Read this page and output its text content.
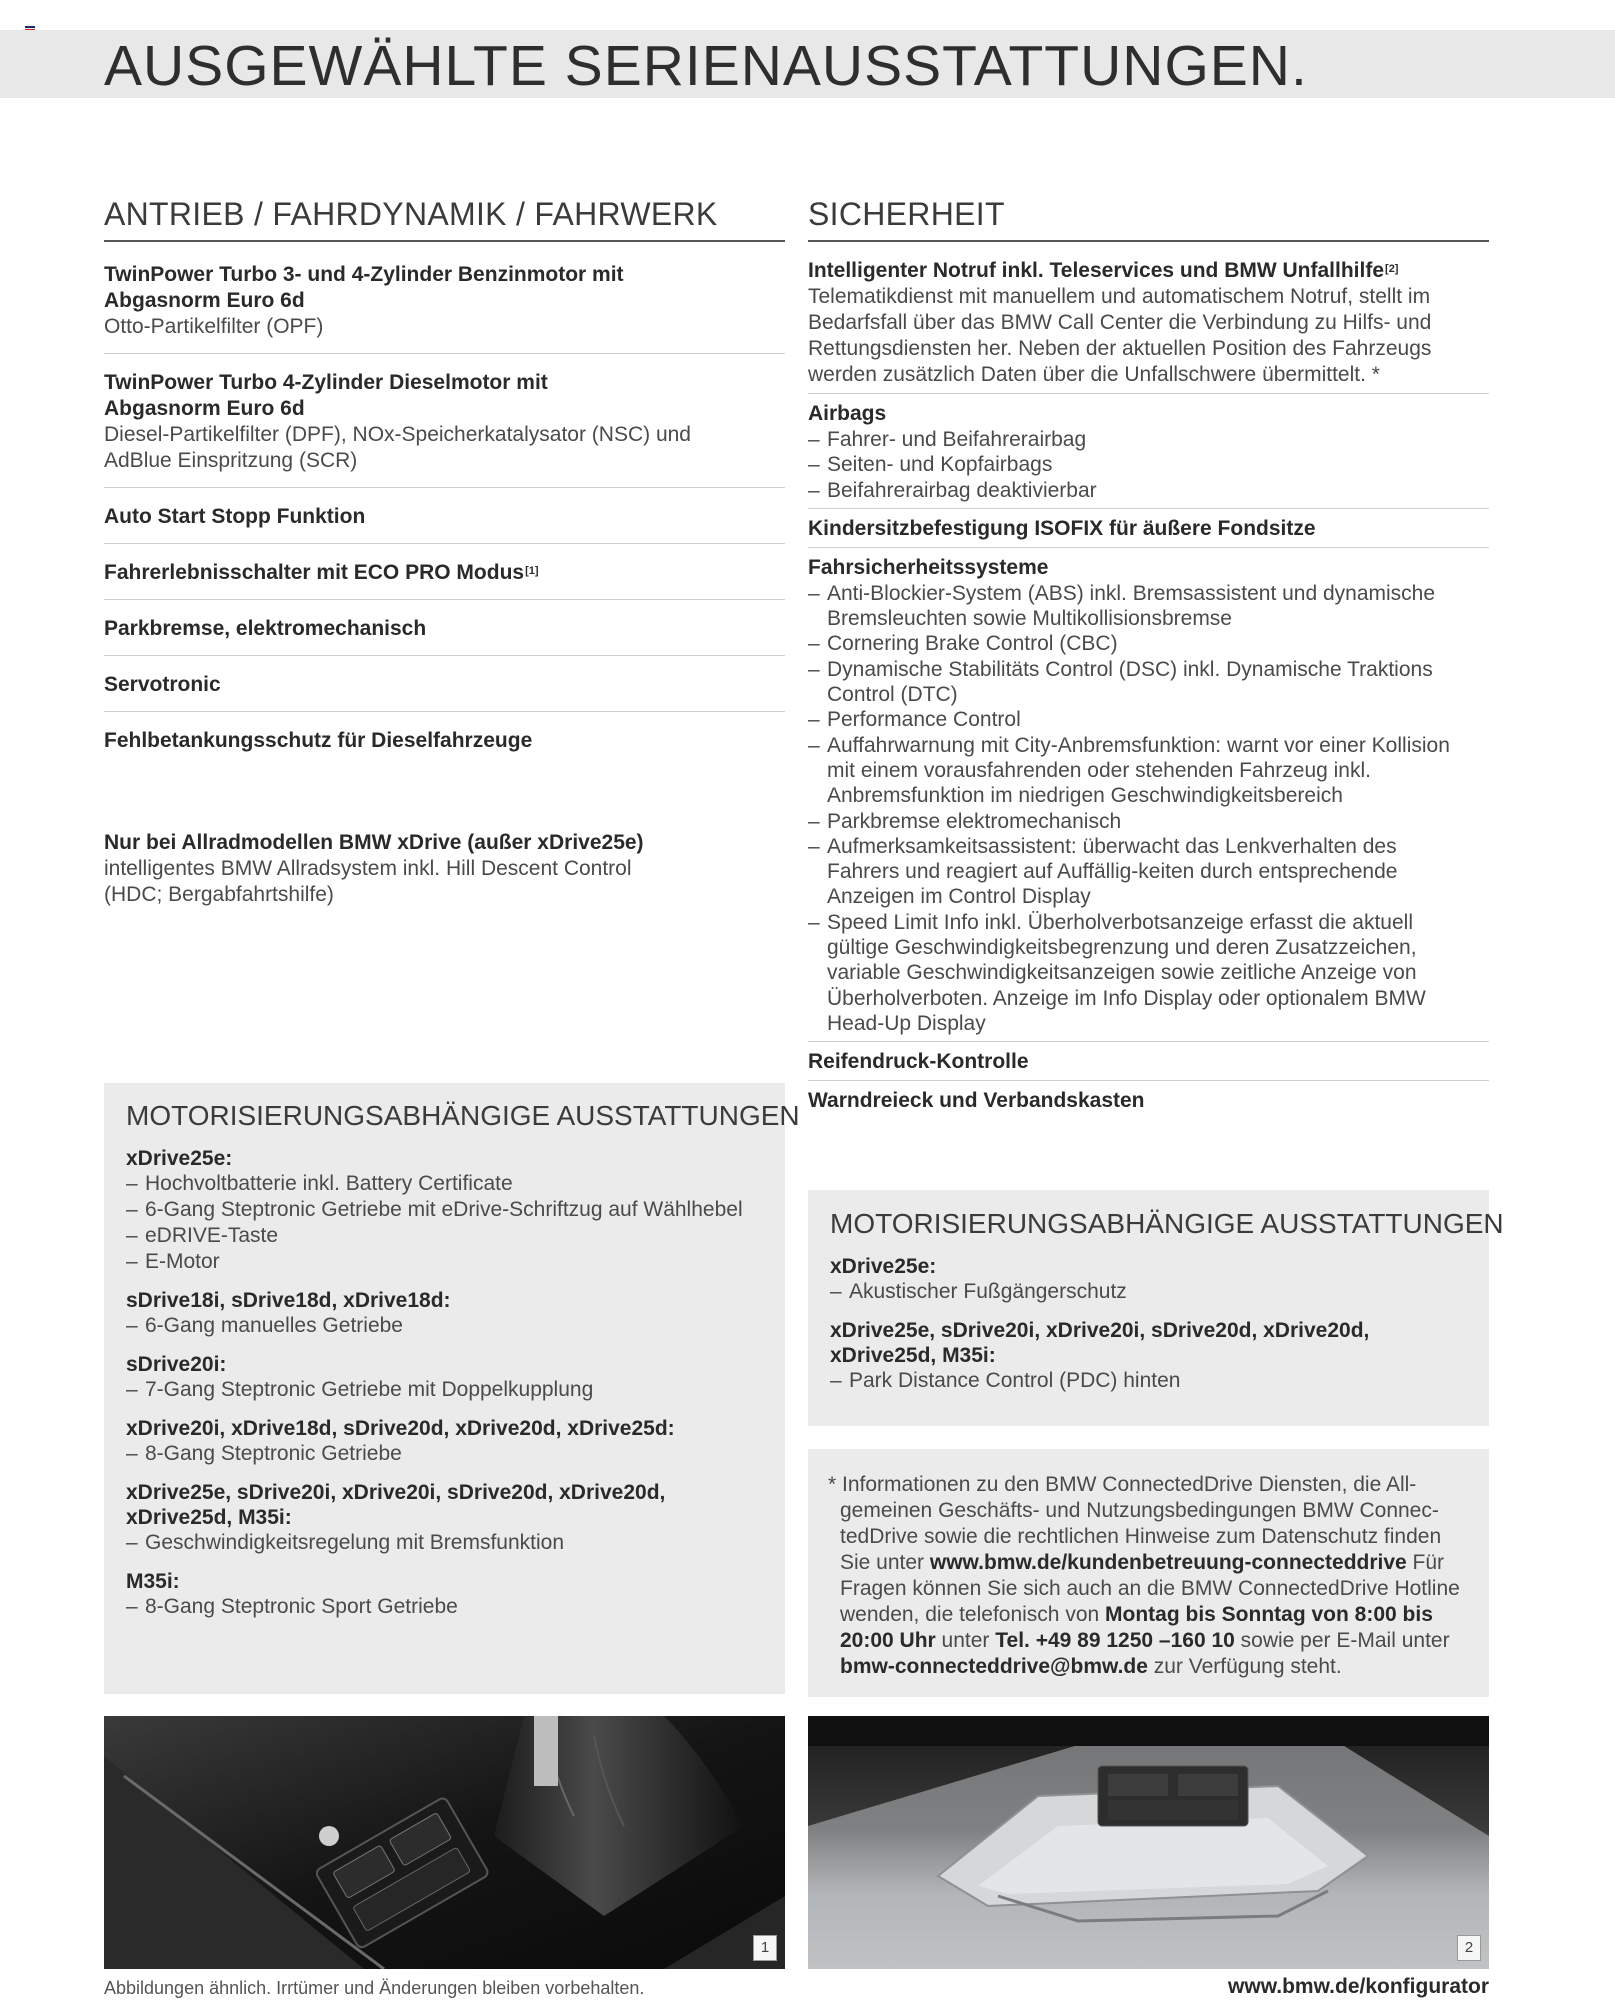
AUSGEWÄHLTE SERIENAUSSTATTUNGEN.
ANTRIEB / FAHRDYNAMIK / FAHRWERK
TwinPower Turbo 3- und 4-Zylinder Benzinmotor mit Abgasnorm Euro 6d
Otto-Partikelfilter (OPF)
TwinPower Turbo 4-Zylinder Dieselmotor mit Abgasnorm Euro 6d
Diesel-Partikelfilter (DPF), NOx-Speicherkatalysator (NSC) und AdBlue Einspritzung (SCR)
Auto Start Stopp Funktion
Fahrerlebnisschalter mit ECO PRO Modus[1]
Parkbremse, elektromechanisch
Servotronic
Fehlbetankungsschutz für Dieselfahrzeuge
Nur bei Allradmodellen BMW xDrive (außer xDrive25e)
intelligentes BMW Allradsystem inkl. Hill Descent Control (HDC; Bergabfahrtshilfe)
SICHERHEIT
Intelligenter Notruf inkl. Teleservices und BMW Unfallhilfe[2]
Telematikdienst mit manuellem und automatischem Notruf, stellt im Bedarfsfall über das BMW Call Center die Verbindung zu Hilfs- und Rettungsdiensten her. Neben der aktuellen Position des Fahrzeugs werden zusätzlich Daten über die Unfallschwere übermittelt. *
Airbags
– Fahrer- und Beifahrerairbag
– Seiten- und Kopfairbags
– Beifahrerairbag deaktivierbar
Kindersitzbefestigung ISOFIX für äußere Fondsitze
Fahrsicherheitssysteme
– Anti-Blockier-System (ABS) inkl. Bremsassistent und dynamische Bremsleuchten sowie Multikollisionsbremse
– Cornering Brake Control (CBC)
– Dynamische Stabilitäts Control (DSC) inkl. Dynamische Traktions Control (DTC)
– Performance Control
– Auffahrwarnung mit City-Anbremsfunktion: warnt vor einer Kollision mit einem vorausfahrenden oder stehenden Fahrzeug inkl. Anbremsfunktion im niedrigen Geschwindigkeitsbereich
– Parkbremse elektromechanisch
– Aufmerksamkeitsassistent: überwacht das Lenkverhalten des Fahrers und reagiert auf Auffällig-keiten durch entsprechende Anzeigen im Control Display
– Speed Limit Info inkl. Überholverbotsanzeige erfasst die aktuell gültige Geschwindigkeitsbegrenzung und deren Zusatzzeichen, variable Geschwindigkeitsanzeigen sowie zeitliche Anzeige von Überholverboten. Anzeige im Info Display oder optionalem BMW Head-Up Display
Reifendruck-Kontrolle
Warndreieck und Verbandskasten
MOTORISIERUNGSABHÄNGIGE AUSSTATTUNGEN
xDrive25e:
– Hochvoltbatterie inkl. Battery Certificate
– 6-Gang Steptronic Getriebe mit eDrive-Schriftzug auf Wählhebel
– eDRIVE-Taste
– E-Motor
sDrive18i, sDrive18d, xDrive18d:
– 6-Gang manuelles Getriebe
sDrive20i:
– 7-Gang Steptronic Getriebe mit Doppelkupplung
xDrive20i, xDrive18d, sDrive20d, xDrive20d, xDrive25d:
– 8-Gang Steptronic Getriebe
xDrive25e, sDrive20i, xDrive20i, sDrive20d, xDrive20d, xDrive25d, M35i:
– Geschwindigkeitsregelung mit Bremsfunktion
M35i:
– 8-Gang Steptronic Sport Getriebe
MOTORISIERUNGSABHÄNGIGE AUSSTATTUNGEN
xDrive25e:
– Akustischer Fußgängerschutz
xDrive25e, sDrive20i, xDrive20i, sDrive20d, xDrive20d, xDrive25d, M35i:
– Park Distance Control (PDC) hinten

* Informationen zu den BMW ConnectedDrive Diensten, die All-gemeinen Geschäfts- und Nutzungsbedingungen BMW Connec-tedDrive sowie die rechtlichen Hinweise zum Datenschutz finden Sie unter www.bmw.de/kundenbetreuung-connecteddrive Für Fragen können Sie sich auch an die BMW ConnectedDrive Hotline wenden, die telefonisch von Montag bis Sonntag von 8:00 bis 20:00 Uhr unter Tel. +49 89 1250 –160 10 sowie per E-Mail unter bmw-connecteddrive@bmw.de zur Verfügung steht.

1	2
Abbildungen ähnlich. Irrtümer und Änderungen bleiben vorbehalten.	www.bmw.de/konfigurator
